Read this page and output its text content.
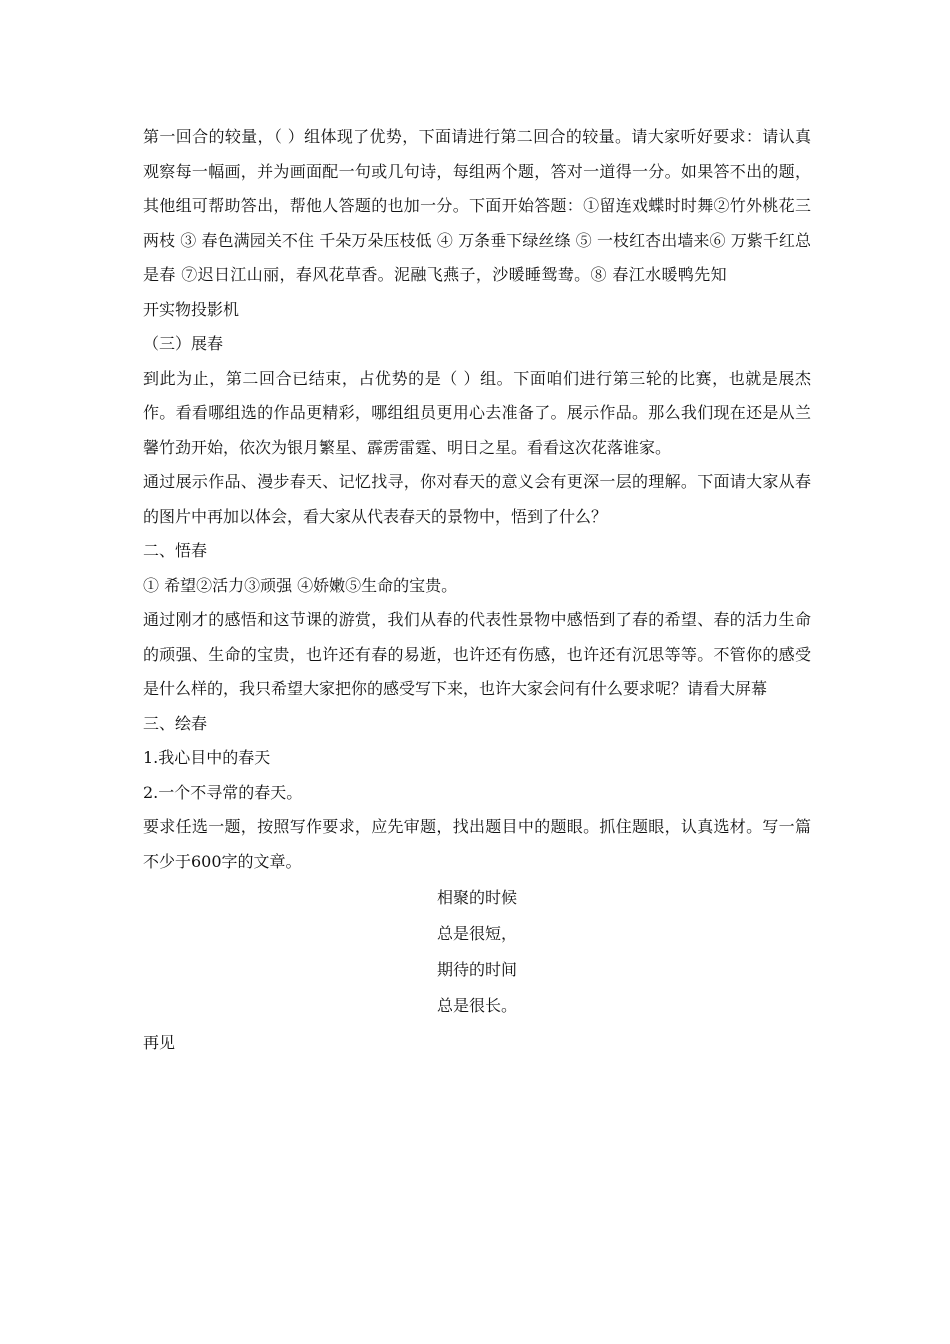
第一回合的较量，（ ）组体现了优势，下面请进行第二回合的较量。请大家听好要求：请认真观察每一幅画，并为画面配一句或几句诗，每组两个题，答对一道得一分。如果答不出的题，其他组可帮助答出，帮他人答题的也加一分。下面开始答题：①留连戏蝶时时舞②竹外桃花三两枝 ③ 春色满园关不住 千朵万朵压枝低 ④ 万条垂下绿丝绦 ⑤ 一枝红杏出墙来⑥ 万紫千红总是春 ⑦迟日江山丽，春风花草香。泥融飞燕子，沙暖睡鸳鸯。⑧ 春江水暖鸭先知开实物投影机

（三）展春

到此为止，第二回合已结束，占优势的是（ ）组。下面咱们进行第三轮的比赛，也就是展杰作。看看哪组选的作品更精彩，哪组组员更用心去准备了。展示作品。那么我们现在还是从兰馨竹劲开始，依次为银月繁星、霹雳雷霆、明日之星。看看这次花落谁家。

通过展示作品、漫步春天、记忆找寻，你对春天的意义会有更深一层的理解。下面请大家从春的图片中再加以体会，看大家从代表春天的景物中，悟到了什么？

二、悟春

① 希望②活力③顽强 ④娇嫩⑤生命的宝贵。

通过刚才的感悟和这节课的游赏，我们从春的代表性景物中感悟到了春的希望、春的活力生命的顽强、生命的宝贵，也许还有春的易逝，也许还有伤感，也许还有沉思等等。不管你的感受是什么样的，我只希望大家把你的感受写下来，也许大家会问有什么要求呢？请看大屏幕

三、绘春

1.我心目中的春天

2.一个不寻常的春天。

要求任选一题，按照写作要求，应先审题，找出题目中的题眼。抓住题眼，认真选材。写一篇不少于600字的文章。

相聚的时候

总是很短，

期待的时间

总是很长。

再见
